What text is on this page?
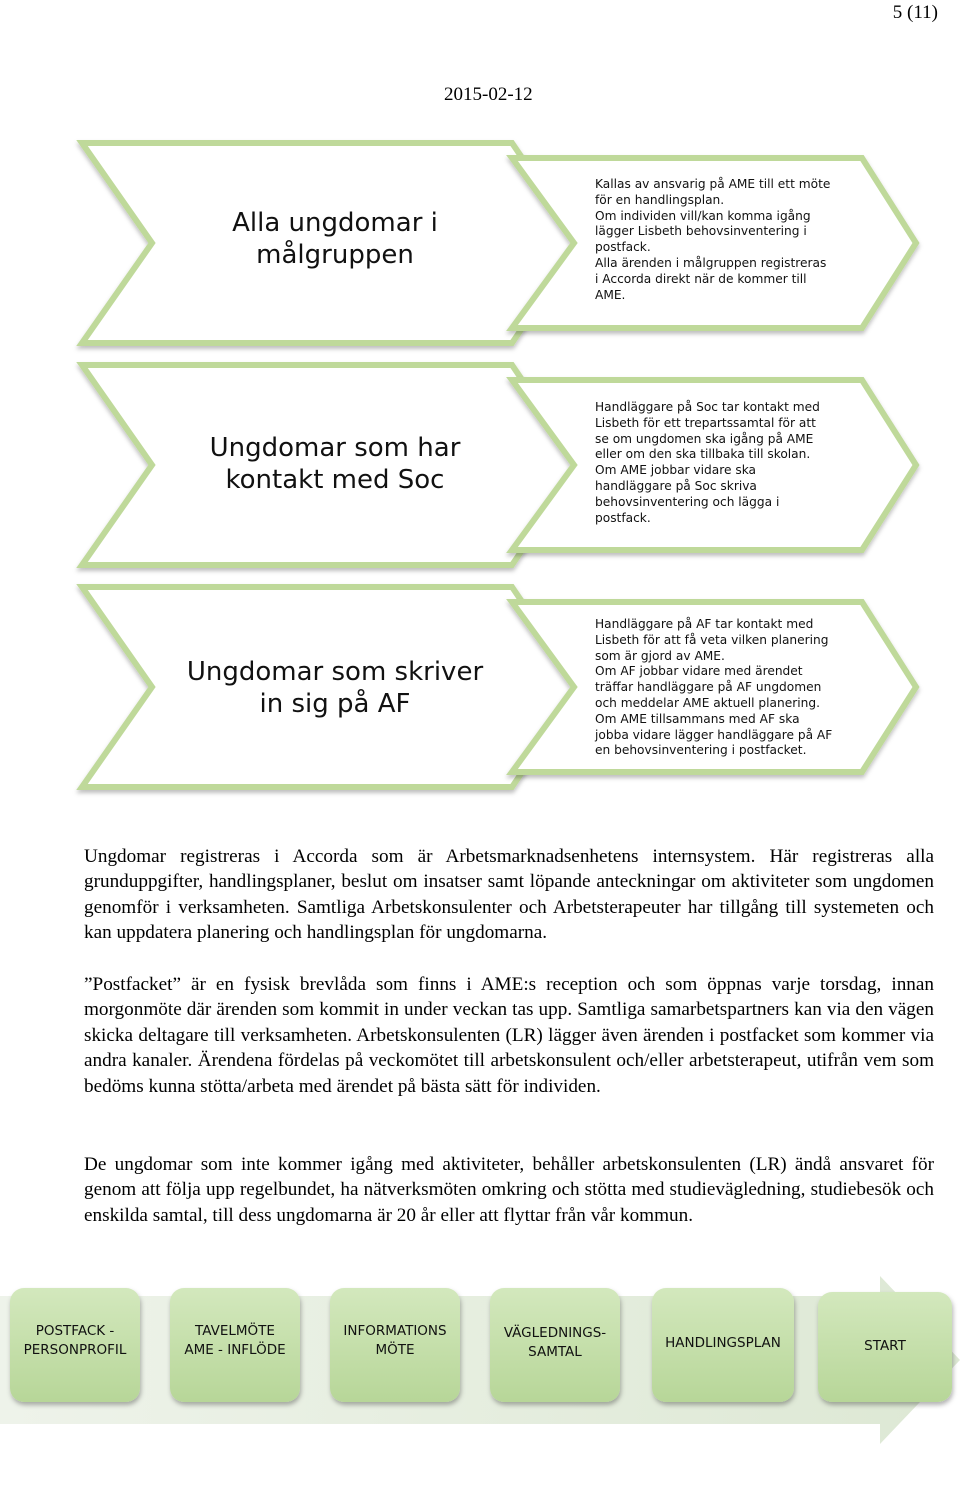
5 (11)
2015-02-12
Alla ungdomar i
målgruppen
Kallas av ansvarig på AME till ett möte
för en handlingsplan.
Om individen vill/kan komma igång
lägger Lisbeth behovsinventering i
postfack.
Alla ärenden i målgruppen registreras
i Accorda direkt när de kommer till
AME.
Ungdomar som har
kontakt med Soc
Handläggare på Soc tar kontakt med
Lisbeth för ett trepartssamtal för att
se om ungdomen ska igång på AME
eller om den ska tillbaka till skolan.
Om AME jobbar vidare ska
handläggare på Soc skriva
behovsinventering och lägga i
postfack.
Ungdomar som skriver
in sig på AF
Handläggare på AF tar kontakt med
Lisbeth för att få veta vilken planering
som är gjord av AME.
Om AF jobbar vidare med ärendet
träffar handläggare på AF ungdomen
och meddelar AME aktuell planering.
Om AME tillsammans med AF ska
jobba vidare lägger handläggare på AF
en behovsinventering i postfacket.

Ungdomar registreras i Accorda som är Arbetsmarknadsenhetens internsystem. Här registreras alla grunduppgifter, handlingsplaner, beslut om insatser samt löpande anteckningar om aktiviteter som ungdomen genomför i verksamheten. Samtliga Arbetskonsulenter och Arbetsterapeuter har tillgång till systemeten och kan uppdatera planering och handlingsplan för ungdomarna.

”Postfacket” är en fysisk brevlåda som finns i AME:s reception och som öppnas varje torsdag, innan morgonmöte där ärenden som kommit in under veckan tas upp. Samtliga samarbetspartners kan via den vägen skicka deltagare till verksamheten. Arbetskonsulenten (LR) lägger även ärenden i postfacket som kommer via andra kanaler. Ärendena fördelas på veckomötet till arbetskonsulent och/eller arbetsterapeut, utifrån vem som bedöms kunna stötta/arbeta med ärendet på bästa sätt för individen.

De ungdomar som inte kommer igång med aktiviteter, behåller arbetskonsulenten (LR) ändå ansvaret för genom att följa upp regelbundet, ha nätverksmöten omkring och stötta med studievägledning, studiebesök och enskilda samtal, till dess ungdomarna är 20 år eller att flyttar från vår kommun.

POSTFACK -
PERSONPROFIL
TAVELMÖTE
AME - INFLÖDE
INFORMATIONS
MÖTE
VÄGLEDNINGS-
SAMTAL
HANDLINGSPLAN	START
